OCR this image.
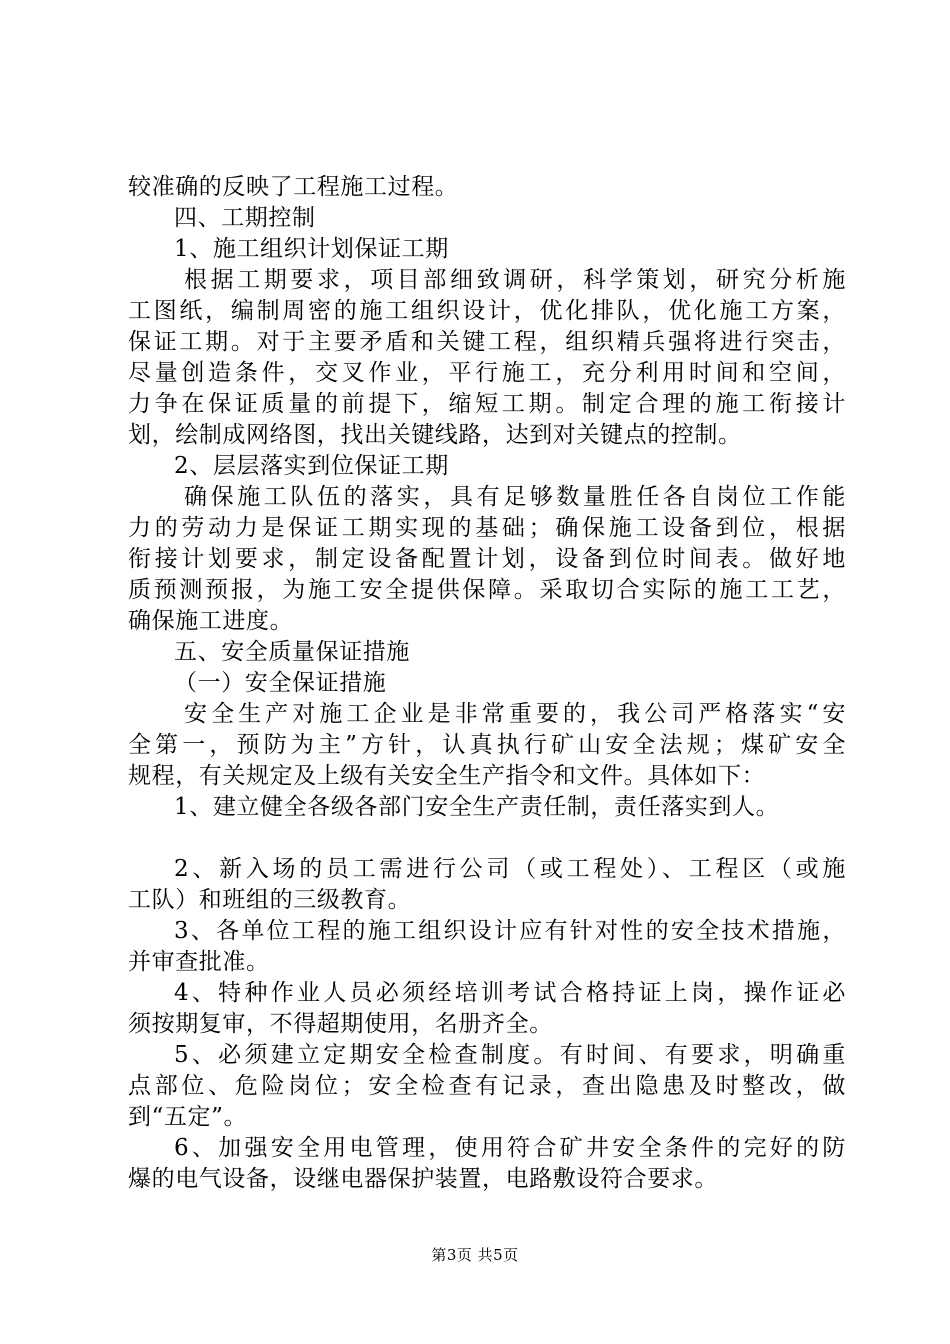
较准确的反映了工程施工过程。
四、工期控制
1、施工组织计划保证工期
根据工期要求，项目部细致调研，科学策划，研究分析施
工图纸，编制周密的施工组织设计，优化排队，优化施工方案，
保证工期。对于主要矛盾和关键工程，组织精兵强将进行突击，
尽量创造条件，交叉作业，平行施工，充分利用时间和空间，
力争在保证质量的前提下，缩短工期。制定合理的施工衔接计
划，绘制成网络图，找出关键线路，达到对关键点的控制。
2、层层落实到位保证工期
确保施工队伍的落实，具有足够数量胜任各自岗位工作能
力的劳动力是保证工期实现的基础；确保施工设备到位，根据
衔接计划要求，制定设备配置计划，设备到位时间表。做好地
质预测预报，为施工安全提供保障。采取切合实际的施工工艺，
确保施工进度。
五、安全质量保证措施
（一）安全保证措施
安全生产对施工企业是非常重要的，我公司严格落实“安
全第一，预防为主”方针，认真执行矿山安全法规；煤矿安全
规程，有关规定及上级有关安全生产指令和文件。具体如下：
1、建立健全各级各部门安全生产责任制，责任落实到人。
2、新入场的员工需进行公司（或工程处）、工程区（或施
工队）和班组的三级教育。
3、各单位工程的施工组织设计应有针对性的安全技术措施，
并审查批准。
4、特种作业人员必须经培训考试合格持证上岗，操作证必
须按期复审，不得超期使用，名册齐全。
5、必须建立定期安全检查制度。有时间、有要求，明确重
点部位、危险岗位；安全检查有记录，查出隐患及时整改，做
到“五定”。
6、加强安全用电管理，使用符合矿井安全条件的完好的防
爆的电气设备，设继电器保护装置，电路敷设符合要求。
第3页 共5页
